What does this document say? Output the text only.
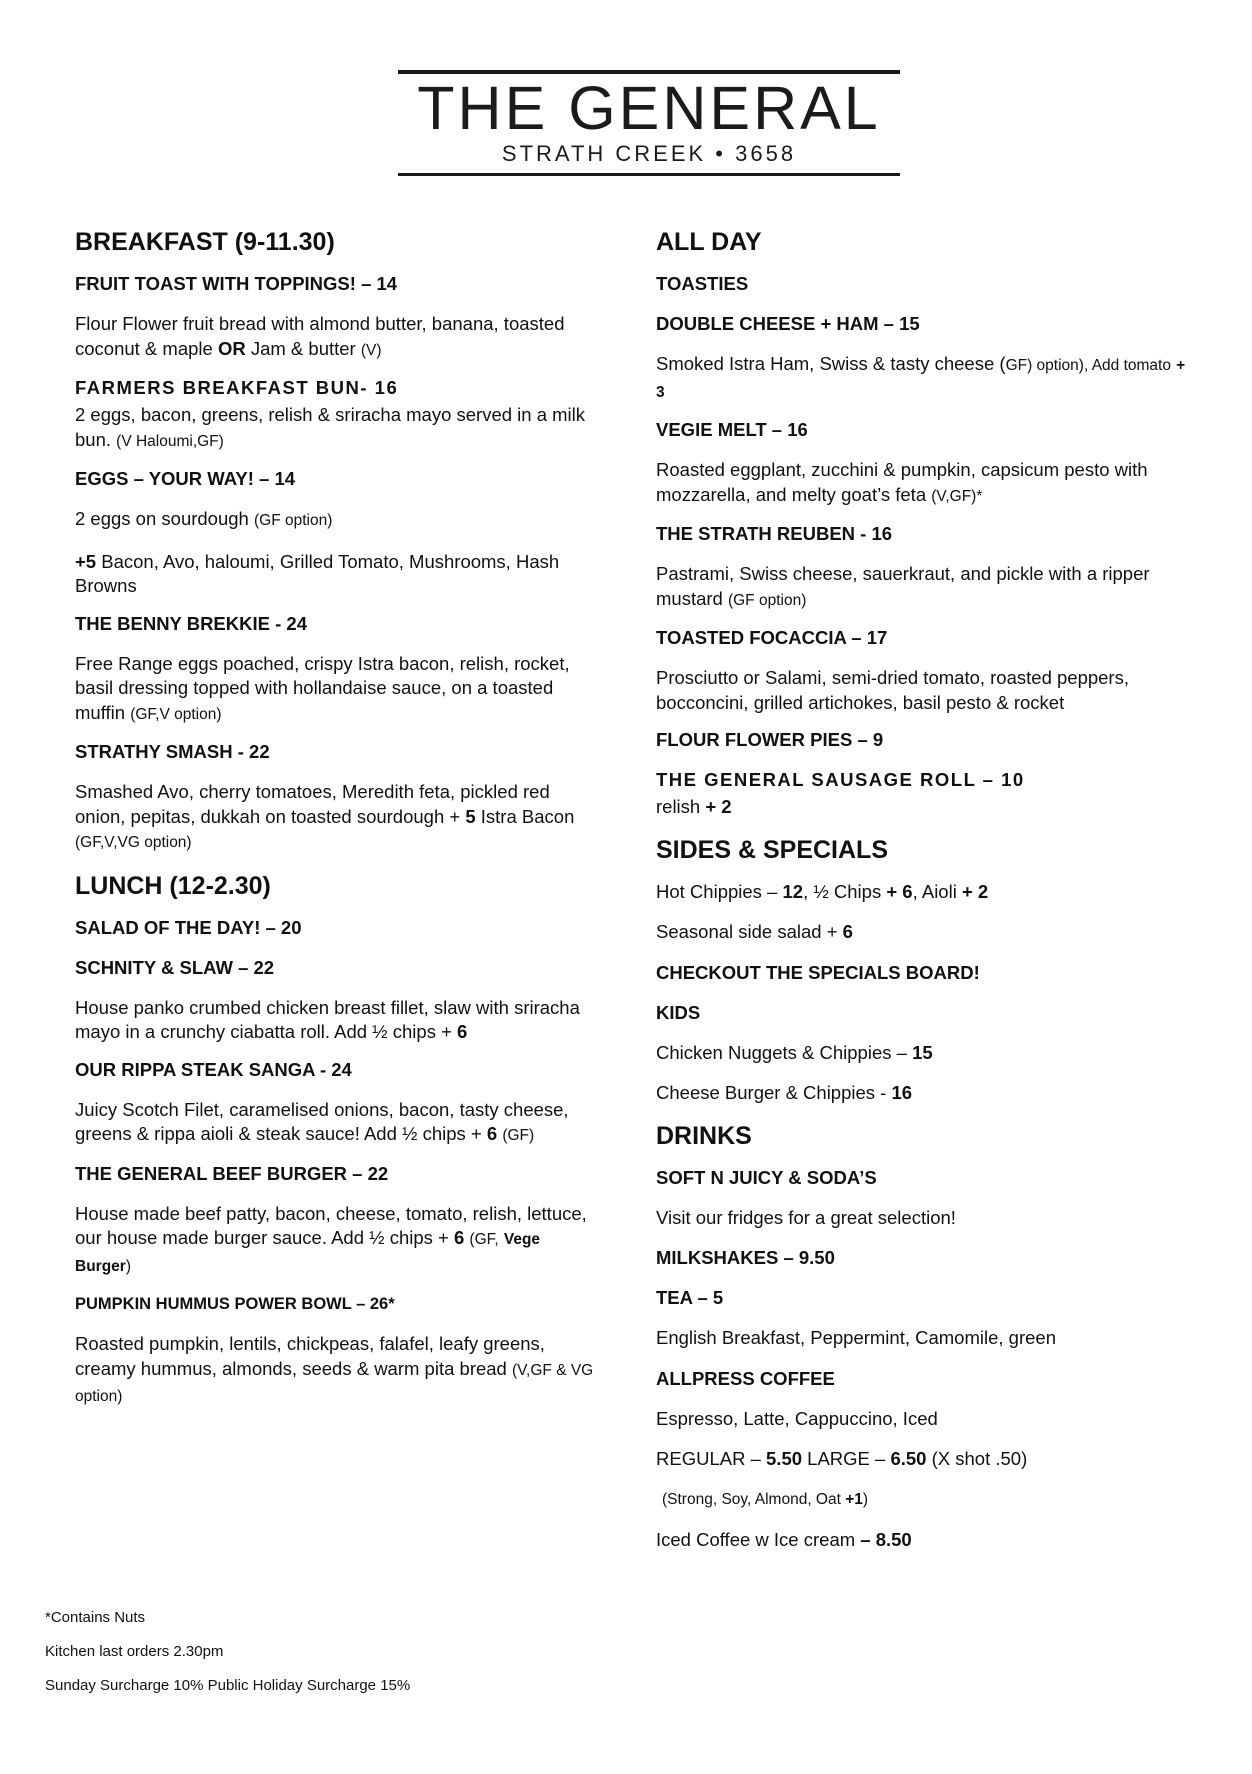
THE GENERAL
STRATH CREEK • 3658
BREAKFAST (9-11.30)

FRUIT TOAST WITH TOPPINGS! – 14

Flour Flower fruit bread with almond butter, banana, toasted coconut & maple OR Jam & butter (V)

FARMERS BREAKFAST BUN- 16

2 eggs, bacon, greens, relish & sriracha mayo served in a milk bun. (V Haloumi,GF)

EGGS – YOUR WAY! – 14

2 eggs on sourdough (GF option)

+5 Bacon, Avo, haloumi, Grilled Tomato, Mushrooms, Hash Browns

THE BENNY BREKKIE - 24

Free Range eggs poached, crispy Istra bacon, relish, rocket, basil dressing topped with hollandaise sauce, on a toasted muffin (GF,V option)

STRATHY SMASH - 22

Smashed Avo, cherry tomatoes, Meredith feta, pickled red onion, pepitas, dukkah on toasted sourdough + 5 Istra Bacon (GF,V,VG option)

LUNCH (12-2.30)

SALAD OF THE DAY! – 20

SCHNITY & SLAW – 22

House panko crumbed chicken breast fillet, slaw with sriracha mayo in a crunchy ciabatta roll. Add ½ chips + 6

OUR RIPPA STEAK SANGA - 24

Juicy Scotch Filet, caramelised onions, bacon, tasty cheese, greens & rippa aioli & steak sauce! Add ½ chips + 6 (GF)

THE GENERAL BEEF BURGER – 22

House made beef patty, bacon, cheese, tomato, relish, lettuce, our house made burger sauce. Add ½ chips + 6 (GF, Vege Burger)

PUMPKIN HUMMUS POWER BOWL – 26*

Roasted pumpkin, lentils, chickpeas, falafel, leafy greens, creamy hummus, almonds, seeds & warm pita bread (V,GF & VG option)

ALL DAY

TOASTIES

DOUBLE CHEESE + HAM – 15

Smoked Istra Ham, Swiss & tasty cheese (GF) option), Add tomato + 3

VEGIE MELT – 16

Roasted eggplant, zucchini & pumpkin, capsicum pesto with mozzarella, and melty goat’s feta (V,GF)*

THE STRATH REUBEN - 16

Pastrami, Swiss cheese, sauerkraut, and pickle with a ripper mustard (GF option)

TOASTED FOCACCIA – 17

Prosciutto or Salami, semi-dried tomato, roasted peppers, bocconcini, grilled artichokes, basil pesto & rocket

FLOUR FLOWER PIES – 9

THE GENERAL SAUSAGE ROLL – 10

relish + 2

SIDES & SPECIALS

Hot Chippies – 12, ½ Chips + 6, Aioli + 2

Seasonal side salad + 6

CHECKOUT THE SPECIALS BOARD!

KIDS

Chicken Nuggets & Chippies – 15

Cheese Burger & Chippies - 16

DRINKS

SOFT N JUICY & SODA’S

Visit our fridges for a great selection!

MILKSHAKES – 9.50

TEA – 5

English Breakfast, Peppermint, Camomile, green

ALLPRESS COFFEE

Espresso, Latte, Cappuccino, Iced

REGULAR – 5.50 LARGE – 6.50 (X shot .50)

(Strong, Soy, Almond, Oat +1)

Iced Coffee w Ice cream – 8.50

*Contains Nuts
Kitchen last orders 2.30pm
Sunday Surcharge 10% Public Holiday Surcharge 15%
